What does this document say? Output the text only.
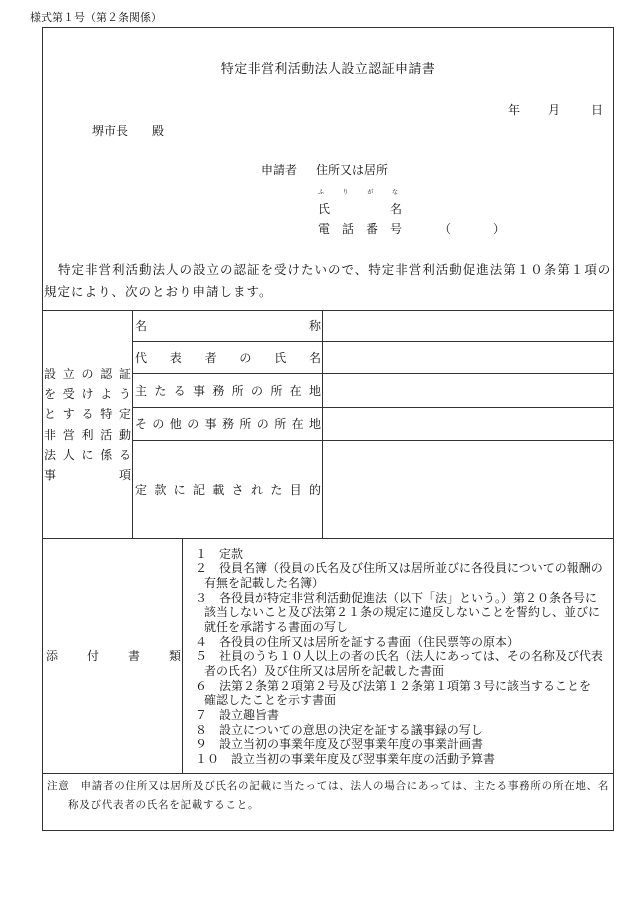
様式第１号（第２条関係）
特定非営利活動法人設立認証申請書
年 月	日
堺市長　　殿
申請者 住所又は居所
ふりがな
氏名
電話番号	（	）
特定非営利活動法人の設立の認証を受けたいので、特定非営利活動促進法第１０条第１項の
規定により、次のとおり申請します。
設立の認証
を受けよう
とする特定
非営利活動
法人に係る
事項
名称
代表者の氏名
主たる事務所の所在地
その他の事務所の所在地
定款に記載された目的
添付書類
１ 定款
２ 役員名簿（役員の氏名及び住所又は居所並びに各役員についての報酬の
有無を記載した名簿）
３ 各役員が特定非営利活動促進法（以下「法」という。）第２０条各号に
該当しないこと及び法第２１条の規定に違反しないことを誓約し、並びに
就任を承諾する書面の写し
４ 各役員の住所又は居所を証する書面（住民票等の原本）
５ 社員のうち１０人以上の者の氏名（法人にあっては、その名称及び代表
者の氏名）及び住所又は居所を記載した書面
６ 法第２条第２項第２号及び法第１２条第１項第３号に該当することを
確認したことを示す書面
７ 設立趣旨書
８ 設立についての意思の決定を証する議事録の写し
９ 設立当初の事業年度及び翌事業年度の事業計画書
１０ 設立当初の事業年度及び翌事業年度の活動予算書
注意 申請者の住所又は居所及び氏名の記載に当たっては、法人の場合にあっては、主たる事務所の所在地、名
称及び代表者の氏名を記載すること。
